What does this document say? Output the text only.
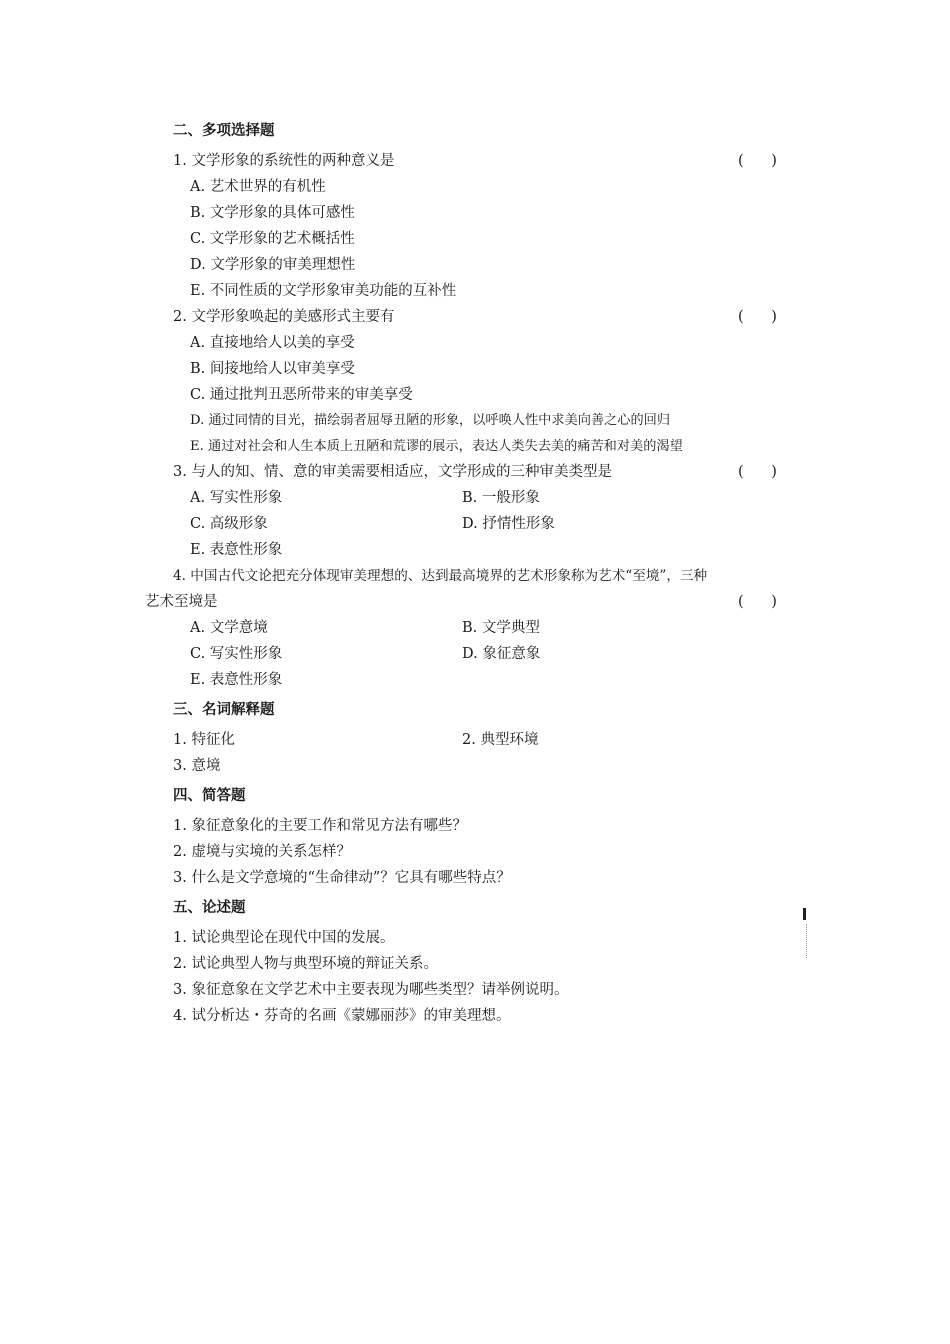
二、多项选择题
1. 文学形象的系统性的两种意义是	(      )
A. 艺术世界的有机性
B. 文学形象的具体可感性
C. 文学形象的艺术概括性
D. 文学形象的审美理想性
E. 不同性质的文学形象审美功能的互补性
2. 文学形象唤起的美感形式主要有	(      )
A. 直接地给人以美的享受
B. 间接地给人以审美享受
C. 通过批判丑恶所带来的审美享受
D. 通过同情的目光，描绘弱者屈辱丑陋的形象，以呼唤人性中求美向善之心的回归
E. 通过对社会和人生本质上丑陋和荒谬的展示，表达人类失去美的痛苦和对美的渴望
3. 与人的知、情、意的审美需要相适应，文学形成的三种审美类型是	(      )
A. 写实性形象	B. 一般形象
C. 高级形象	D. 抒情性形象
E. 表意性形象
4. 中国古代文论把充分体现审美理想的、达到最高境界的艺术形象称为艺术“至境”，三种
艺术至境是	(      )
A. 文学意境	B. 文学典型
C. 写实性形象	D. 象征意象
E. 表意性形象
三、名词解释题
1. 特征化	2. 典型环境
3. 意境
四、简答题
1. 象征意象化的主要工作和常见方法有哪些？
2. 虚境与实境的关系怎样？
3. 什么是文学意境的“生命律动”？它具有哪些特点？
五、论述题
1. 试论典型论在现代中国的发展。
2. 试论典型人物与典型环境的辩证关系。
3. 象征意象在文学艺术中主要表现为哪些类型？请举例说明。
4. 试分析达・芬奇的名画《蒙娜丽莎》的审美理想。
